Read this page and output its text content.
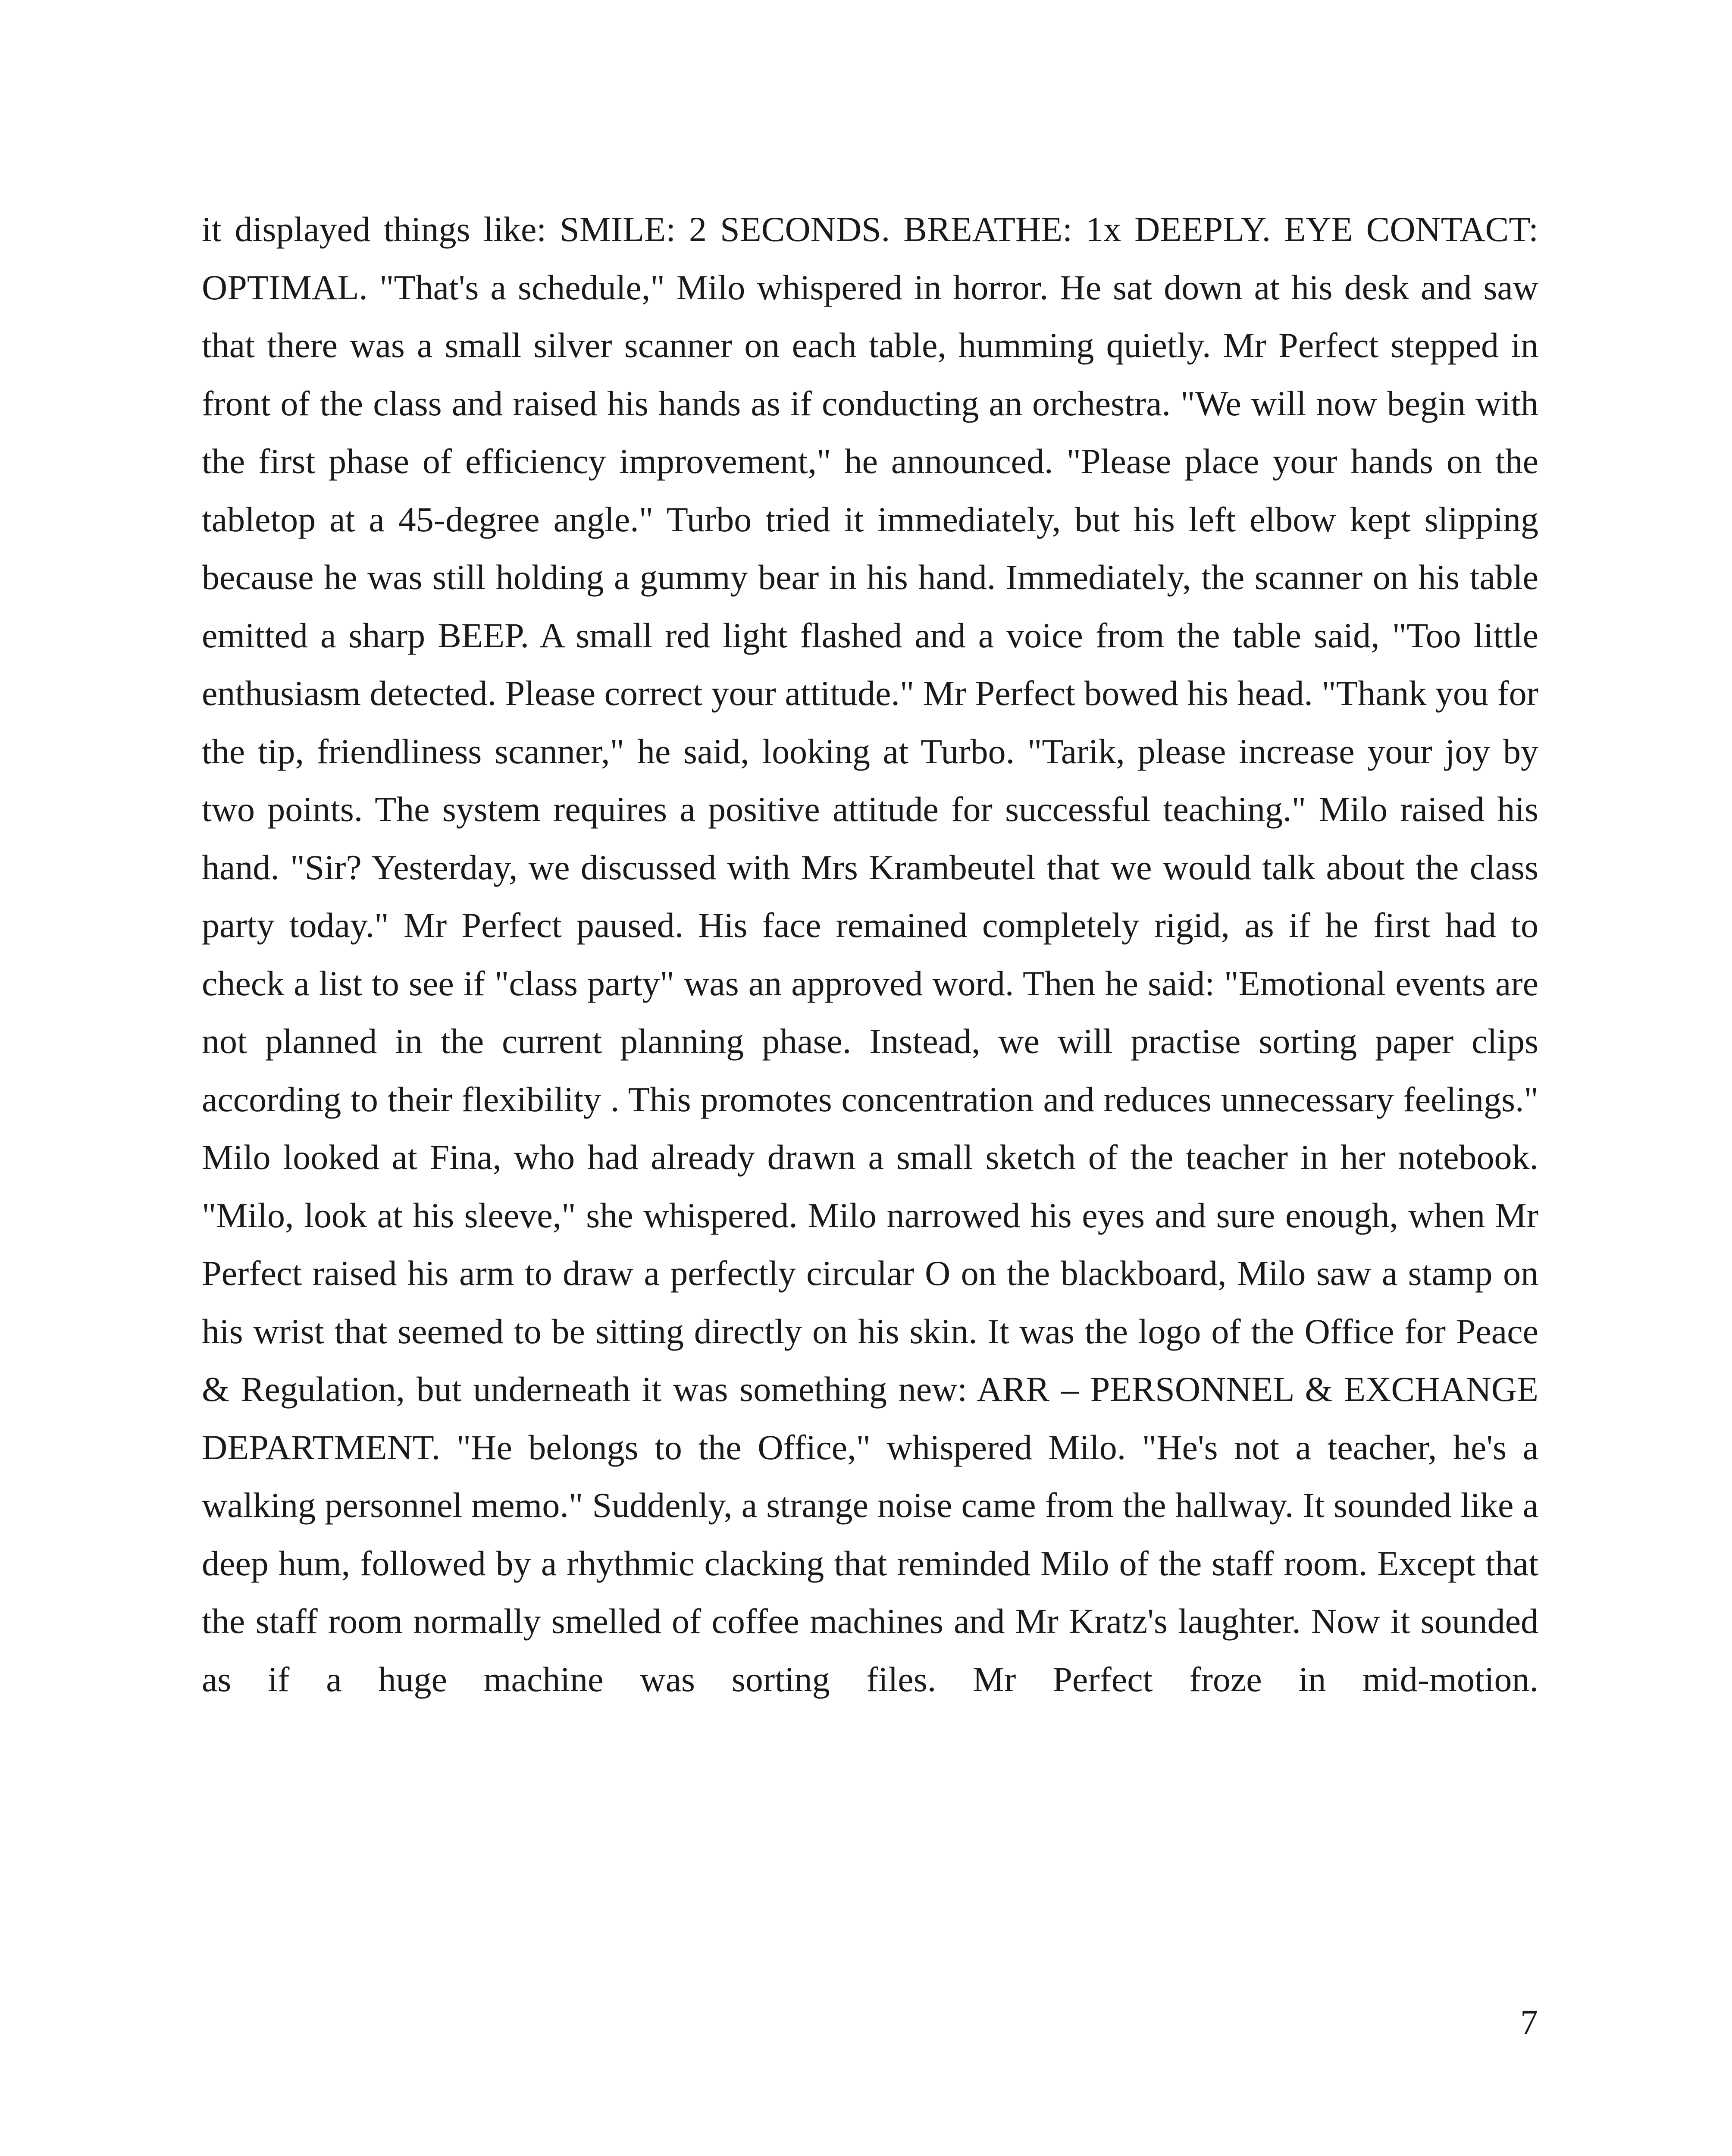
it displayed things like: SMILE: 2 SECONDS. BREATHE: 1x DEEPLY. EYE CONTACT: OPTIMAL. "That's a schedule," Milo whispered in horror. He sat down at his desk and saw that there was a small silver scanner on each table, humming quietly. Mr Perfect stepped in front of the class and raised his hands as if conducting an orchestra. "We will now begin with the first phase of efficiency improvement," he announced. "Please place your hands on the tabletop at a 45-degree angle." Turbo tried it immediately, but his left elbow kept slipping because he was still holding a gummy bear in his hand. Immediately, the scanner on his table emitted a sharp BEEP. A small red light flashed and a voice from the table said, "Too little enthusiasm detected. Please correct your attitude." Mr Perfect bowed his head. "Thank you for the tip, friendliness scanner," he said, looking at Turbo. "Tarik, please increase your joy by two points. The system requires a positive attitude for successful teaching." Milo raised his hand. "Sir? Yesterday, we discussed with Mrs Krambeutel that we would talk about the class party today." Mr Perfect paused. His face remained completely rigid, as if he first had to check a list to see if "class party" was an approved word. Then he said: "Emotional events are not planned in the current planning phase. Instead, we will practise sorting paper clips according to their flexibility . This promotes concentration and reduces unnecessary feelings." Milo looked at Fina, who had already drawn a small sketch of the teacher in her notebook. "Milo, look at his sleeve," she whispered. Milo narrowed his eyes and sure enough, when Mr Perfect raised his arm to draw a perfectly circular O on the blackboard, Milo saw a stamp on his wrist that seemed to be sitting directly on his skin. It was the logo of the Office for Peace & Regulation, but underneath it was something new: ARR – PERSONNEL & EXCHANGE DEPARTMENT. "He belongs to the Office," whispered Milo. "He's not a teacher, he's a walking personnel memo." Suddenly, a strange noise came from the hallway. It sounded like a deep hum, followed by a rhythmic clacking that reminded Milo of the staff room. Except that the staff room normally smelled of coffee machines and Mr Kratz's laughter. Now it sounded as if a huge machine was sorting files. Mr Perfect froze in mid-motion.

7
